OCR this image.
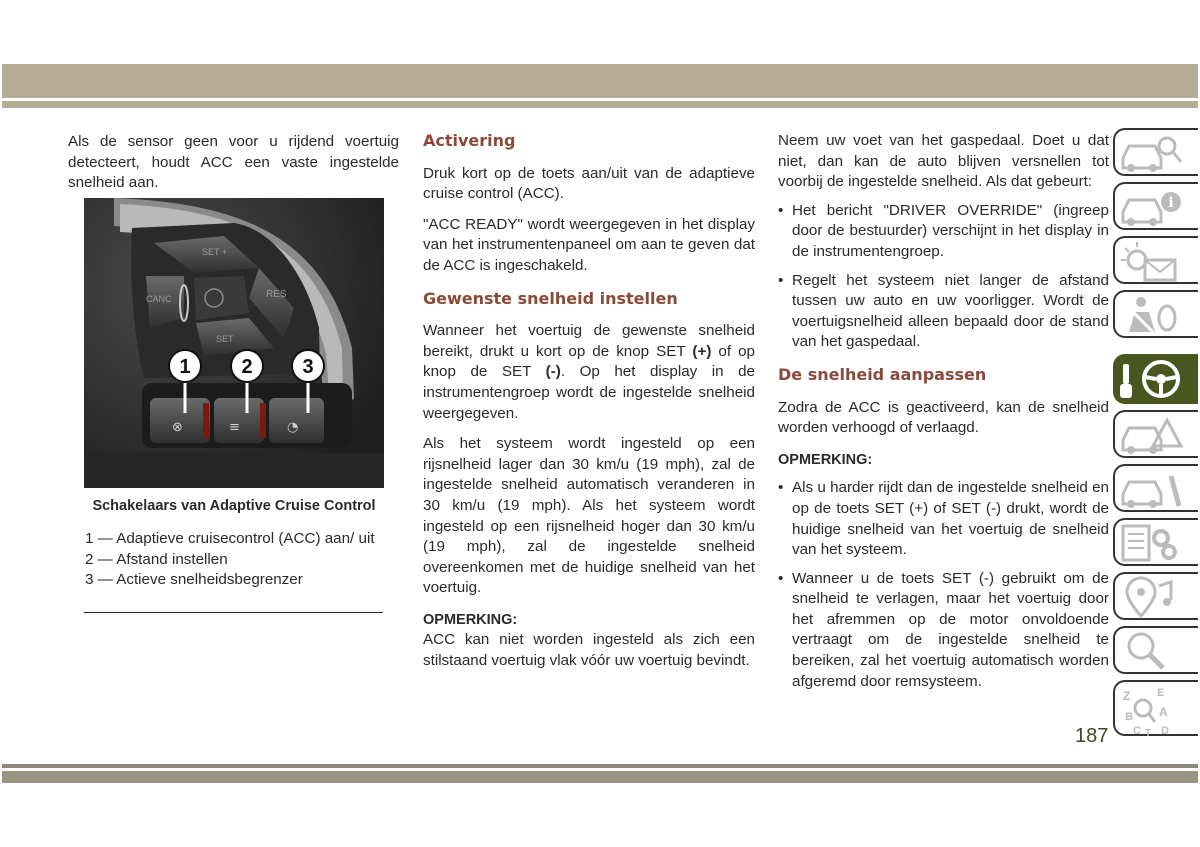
Als de sensor geen voor u rijdend voertuig detecteert, houdt ACC een vaste ingestelde snelheid aan.

SET +
CANC	RES
SET
⊗	≡	◔
1	2 3
Schakelaars van Adaptive Cruise Control
1 — Adaptieve cruisecontrol (ACC) aan/ uit
2 — Afstand instellen
3 — Actieve snelheidsbegrenzer
Activering

Druk kort op de toets aan/uit van de adaptieve cruise control (ACC).

"ACC READY" wordt weergegeven in het display van het instrumentenpaneel om aan te geven dat de ACC is ingeschakeld.

Gewenste snelheid instellen

Wanneer het voertuig de gewenste snelheid bereikt, drukt u kort op de knop SET (+) of op knop de SET (-). Op het display in de instrumentengroep wordt de ingestelde snelheid weergegeven.

Als het systeem wordt ingesteld op een rijsnelheid lager dan 30 km/u (19 mph), zal de ingestelde snelheid automatisch veranderen in 30 km/u (19 mph). Als het systeem wordt ingesteld op een rijsnelheid hoger dan 30 km/u (19 mph), zal de ingestelde snelheid overeenkomen met de huidige snelheid van het voertuig.

OPMERKING:

ACC kan niet worden ingesteld als zich een stilstaand voertuig vlak vóór uw voertuig bevindt.

Neem uw voet van het gaspedaal. Doet u dat niet, dan kan de auto blijven versnellen tot voorbij de ingestelde snelheid. Als dat gebeurt:

• Het bericht "DRIVER OVERRIDE" (ingreep door de bestuurder) verschijnt in het display in de instrumentengroep.
• Regelt het systeem niet langer de afstand tussen uw auto en uw voorligger. Wordt de voertuigsnelheid alleen bepaald door de stand van het gaspedaal.
De snelheid aanpassen

Zodra de ACC is geactiveerd, kan de snelheid worden verhoogd of verlaagd.

OPMERKING:
• Als u harder rijdt dan de ingestelde snelheid en op de toets SET (+) of SET (-) drukt, wordt de huidige snelheid van het voertuig de snelheid van het systeem.
• Wanneer u de toets SET (-) gebruikt om de snelheid te verlagen, maar het voertuig door het afremmen op de motor onvoldoende vertraagt om de ingestelde snelheid te bereiken, zal het voertuig automatisch worden afgeremd door remsysteem.
187
i
Z E
A
B
D
C T
